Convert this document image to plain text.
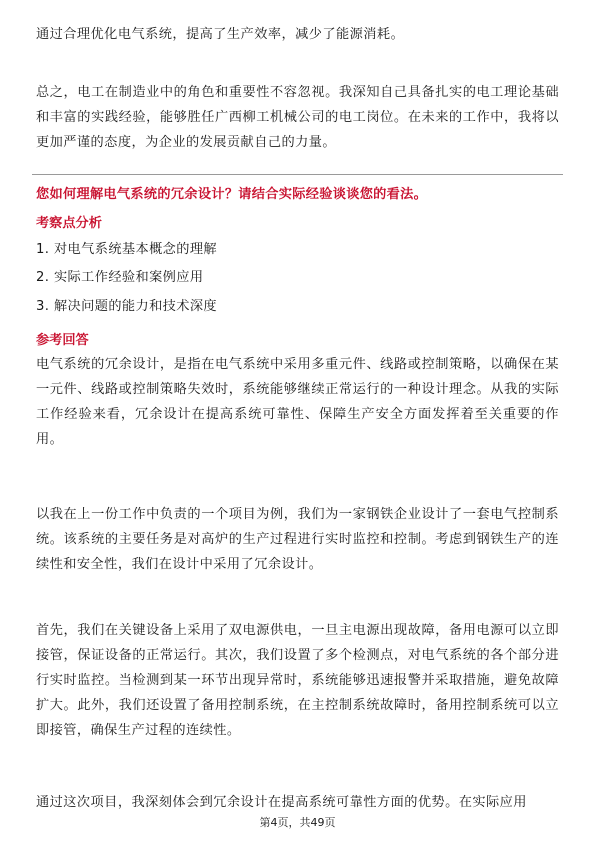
通过合理优化电气系统，提高了生产效率，减少了能源消耗。

总之，电工在制造业中的角色和重要性不容忽视。我深知自己具备扎实的电工理论基础和丰富的实践经验，能够胜任广西柳工机械公司的电工岗位。在未来的工作中，我将以更加严谨的态度，为企业的发展贡献自己的力量。

您如何理解电气系统的冗余设计？请结合实际经验谈谈您的看法。

考察点分析

1. 对电气系统基本概念的理解

2. 实际工作经验和案例应用

3. 解决问题的能力和技术深度

参考回答

电气系统的冗余设计，是指在电气系统中采用多重元件、线路或控制策略，以确保在某一元件、线路或控制策略失效时，系统能够继续正常运行的一种设计理念。从我的实际工作经验来看，冗余设计在提高系统可靠性、保障生产安全方面发挥着至关重要的作用。

以我在上一份工作中负责的一个项目为例，我们为一家钢铁企业设计了一套电气控制系统。该系统的主要任务是对高炉的生产过程进行实时监控和控制。考虑到钢铁生产的连续性和安全性，我们在设计中采用了冗余设计。

首先，我们在关键设备上采用了双电源供电，一旦主电源出现故障，备用电源可以立即接管，保证设备的正常运行。其次，我们设置了多个检测点，对电气系统的各个部分进行实时监控。当检测到某一环节出现异常时，系统能够迅速报警并采取措施，避免故障扩大。此外，我们还设置了备用控制系统，在主控制系统故障时，备用控制系统可以立即接管，确保生产过程的连续性。

通过这次项目，我深刻体会到冗余设计在提高系统可靠性方面的优势。在实际应用

第4页，共49页
